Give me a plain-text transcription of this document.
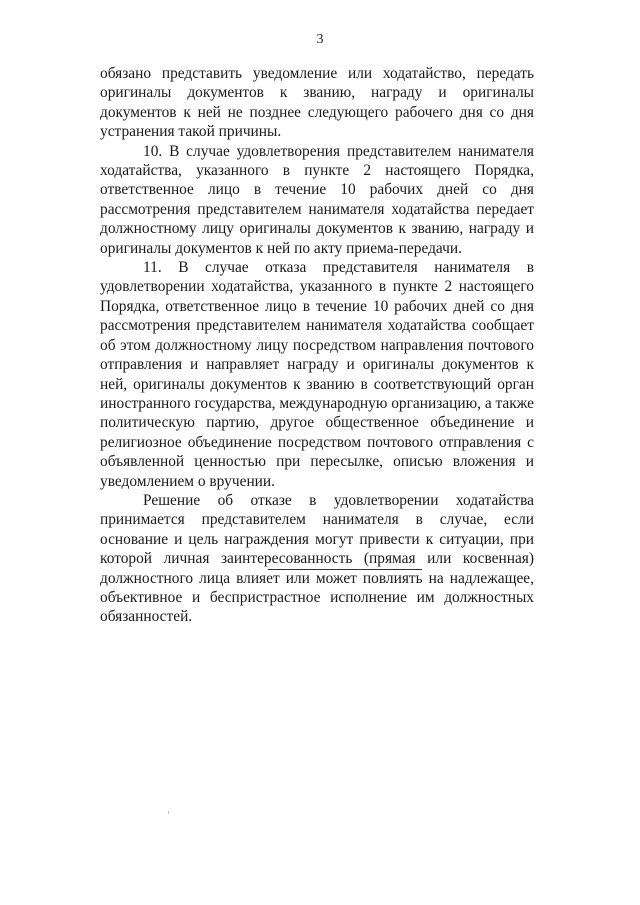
3

обязано представить уведомление или ходатайство, передать оригиналы документов к званию, награду и оригиналы документов к ней не позднее следующего рабочего дня со дня устранения такой причины.

10. В случае удовлетворения представителем нанимателя ходатайства, указанного в пункте 2 настоящего Порядка, ответственное лицо в течение 10 рабочих дней со дня рассмотрения представителем нанимателя ходатайства передает должностному лицу оригиналы документов к званию, награду и оригиналы документов к ней по акту приема-передачи.

11. В случае отказа представителя нанимателя в удовлетворении ходатайства, указанного в пункте 2 настоящего Порядка, ответственное лицо в течение 10 рабочих дней со дня рассмотрения представителем нанимателя ходатайства сообщает об этом должностному лицу посредством направления почтового отправления и направляет награду и оригиналы документов к ней, оригиналы документов к званию в соответствующий орган иностранного государства, международную организацию, а также политическую партию, другое общественное объединение и религиозное объединение посредством почтового отправления с объявленной ценностью при пересылке, описью вложения и уведомлением о вручении.

Решение об отказе в удовлетворении ходатайства принимается представителем нанимателя в случае, если основание и цель награждения могут привести к ситуации, при которой личная заинтересованность (прямая или косвенная) должностного лица влияет или может повлиять на надлежащее, объективное и беспристрастное исполнение им должностных обязанностей.
